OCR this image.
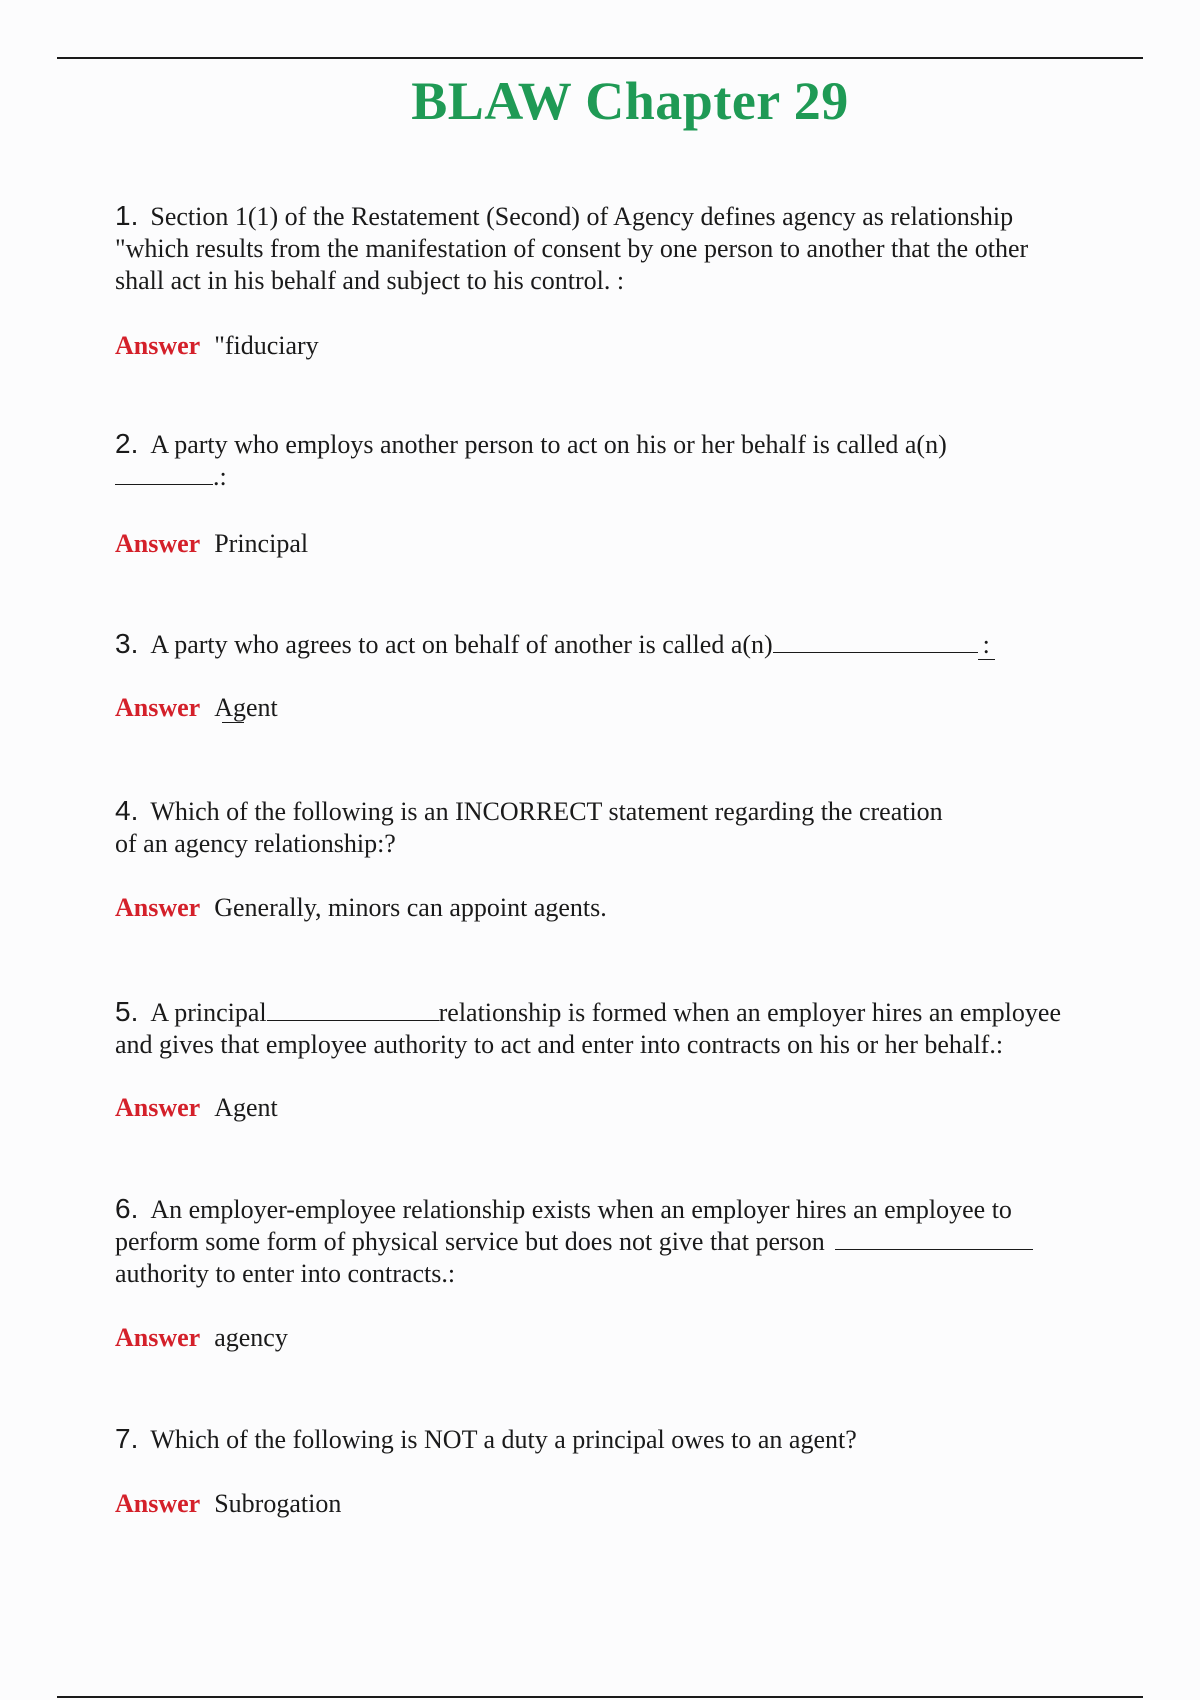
BLAW Chapter 29
1. Section 1(1) of the Restatement (Second) of Agency defines agency as relationship
"which results from the manifestation of consent by one person to another that the other
shall act in his behalf and subject to his control. :
Answer "fiduciary
2. A party who employs another person to act on his or her behalf is called a(n)
.:
Answer Principal
3. A party who agrees to act on behalf of another is called a(n)	:
Answer Agent
4. Which of the following is an INCORRECT statement regarding the creation
of an agency relationship:?
Answer Generally, minors can appoint agents.
5. A principal	relationship is formed when an employer hires an employee
and gives that employee authority to act and enter into contracts on his or her behalf.:
Answer Agent
6. An employer-employee relationship exists when an employer hires an employee to
perform some form of physical service but does not give that person
authority to enter into contracts.:
Answer agency
7. Which of the following is NOT a duty a principal owes to an agent?
Answer Subrogation
